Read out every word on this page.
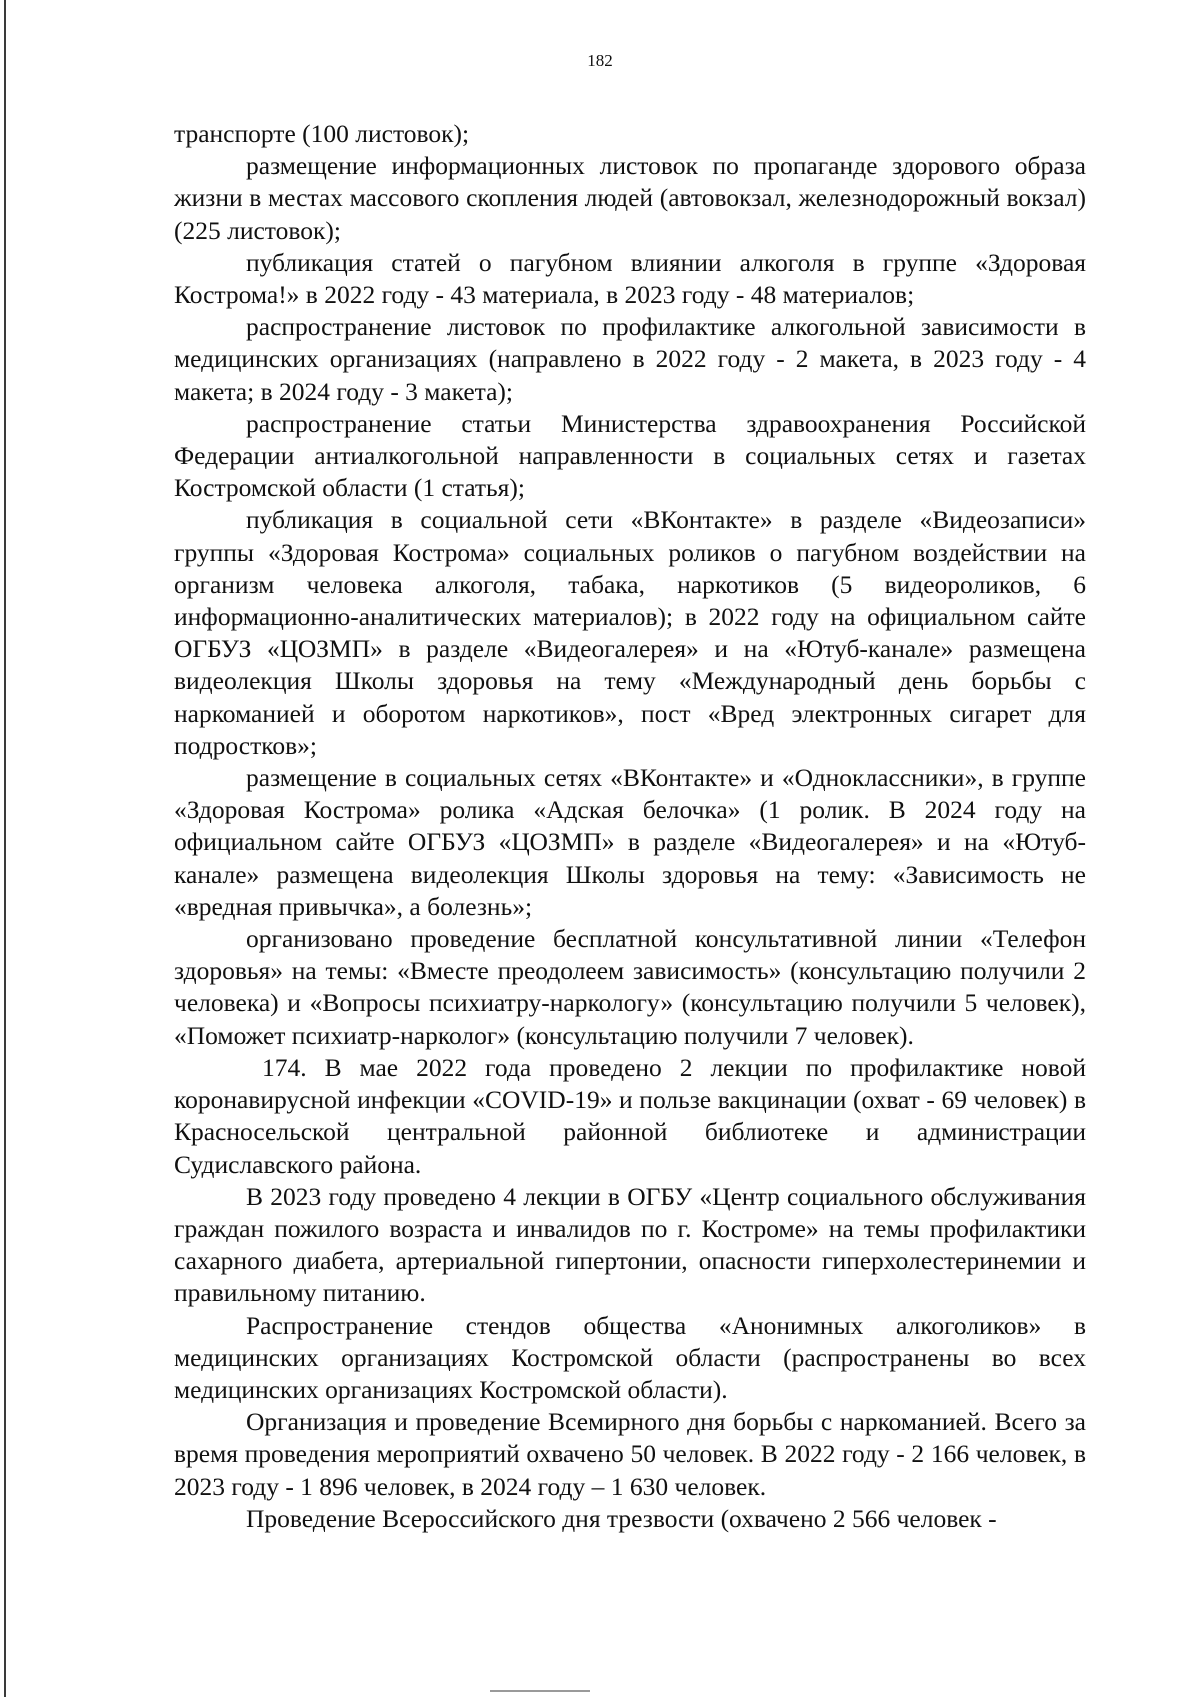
182

транспорте (100 листовок);

размещение информационных листовок по пропаганде здорового образа жизни в местах массового скопления людей (автовокзал, железнодорожный вокзал) (225 листовок);

публикация статей о пагубном влиянии алкоголя в группе «Здоровая Кострома!» в 2022 году - 43 материала, в 2023 году - 48 материалов;

распространение листовок по профилактике алкогольной зависимости в медицинских организациях (направлено в 2022 году - 2 макета, в 2023 году - 4 макета; в 2024 году - 3 макета);

распространение статьи Министерства здравоохранения Российской Федерации антиалкогольной направленности в социальных сетях и газетах Костромской области (1 статья);

публикация в социальной сети «ВКонтакте» в разделе «Видеозаписи» группы «Здоровая Кострома» социальных роликов о пагубном воздействии на организм человека алкоголя, табака, наркотиков (5 видеороликов, 6 информационно-аналитических материалов); в 2022 году на официальном сайте ОГБУЗ «ЦОЗМП» в разделе «Видеогалерея» и на «Ютуб-канале» размещена видеолекция Школы здоровья на тему «Международный день борьбы с наркоманией и оборотом наркотиков», пост «Вред электронных сигарет для подростков»;

размещение в социальных сетях «ВКонтакте» и «Одноклассники», в группе «Здоровая Кострома» ролика «Адская белочка» (1 ролик. В 2024 году на официальном сайте ОГБУЗ «ЦОЗМП» в разделе «Видеогалерея» и на «Ютуб-канале» размещена видеолекция Школы здоровья на тему: «Зависимость не «вредная привычка», а болезнь»;

организовано проведение бесплатной консультативной линии «Телефон здоровья» на темы: «Вместе преодолеем зависимость» (консультацию получили 2 человека) и «Вопросы психиатру-наркологу» (консультацию получили 5 человек), «Поможет психиатр-нарколог» (консультацию получили 7 человек).

174. В мае 2022 года проведено 2 лекции по профилактике новой коронавирусной инфекции «COVID-19» и пользе вакцинации (охват - 69 человек) в Красносельской центральной районной библиотеке и администрации Судиславского района.

В 2023 году проведено 4 лекции в ОГБУ «Центр социального обслуживания граждан пожилого возраста и инвалидов по г. Костроме» на темы профилактики сахарного диабета, артериальной гипертонии, опасности гиперхолестеринемии и правильному питанию.

Распространение стендов общества «Анонимных алкоголиков» в медицинских организациях Костромской области (распространены во всех медицинских организациях Костромской области).

Организация и проведение Всемирного дня борьбы с наркоманией. Всего за время проведения мероприятий охвачено 50 человек. В 2022 году - 2 166 человек, в 2023 году - 1 896 человек, в 2024 году – 1 630 человек.

Проведение Всероссийского дня трезвости (охвачено 2 566 человек -
